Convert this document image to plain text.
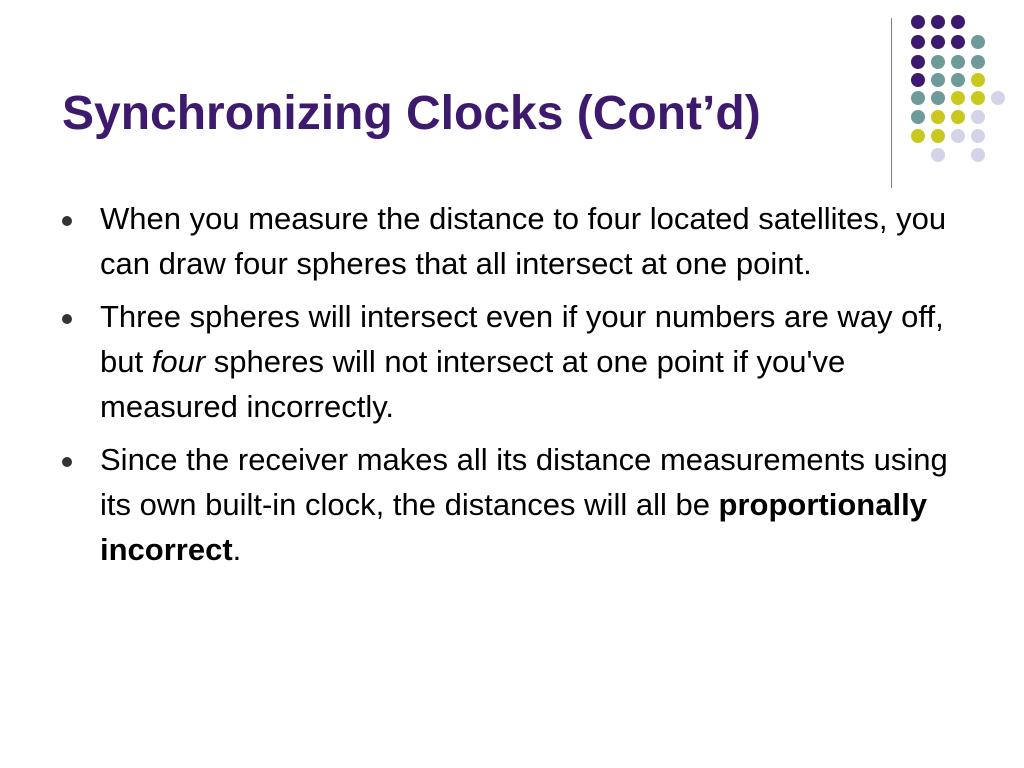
Synchronizing Clocks (Cont’d)
When you measure the distance to four located satellites, you can draw four spheres that all intersect at one point.
Three spheres will intersect even if your numbers are way off, but four spheres will not intersect at one point if you've measured incorrectly.
Since the receiver makes all its distance measurements using its own built-in clock, the distances will all be proportionally incorrect.
